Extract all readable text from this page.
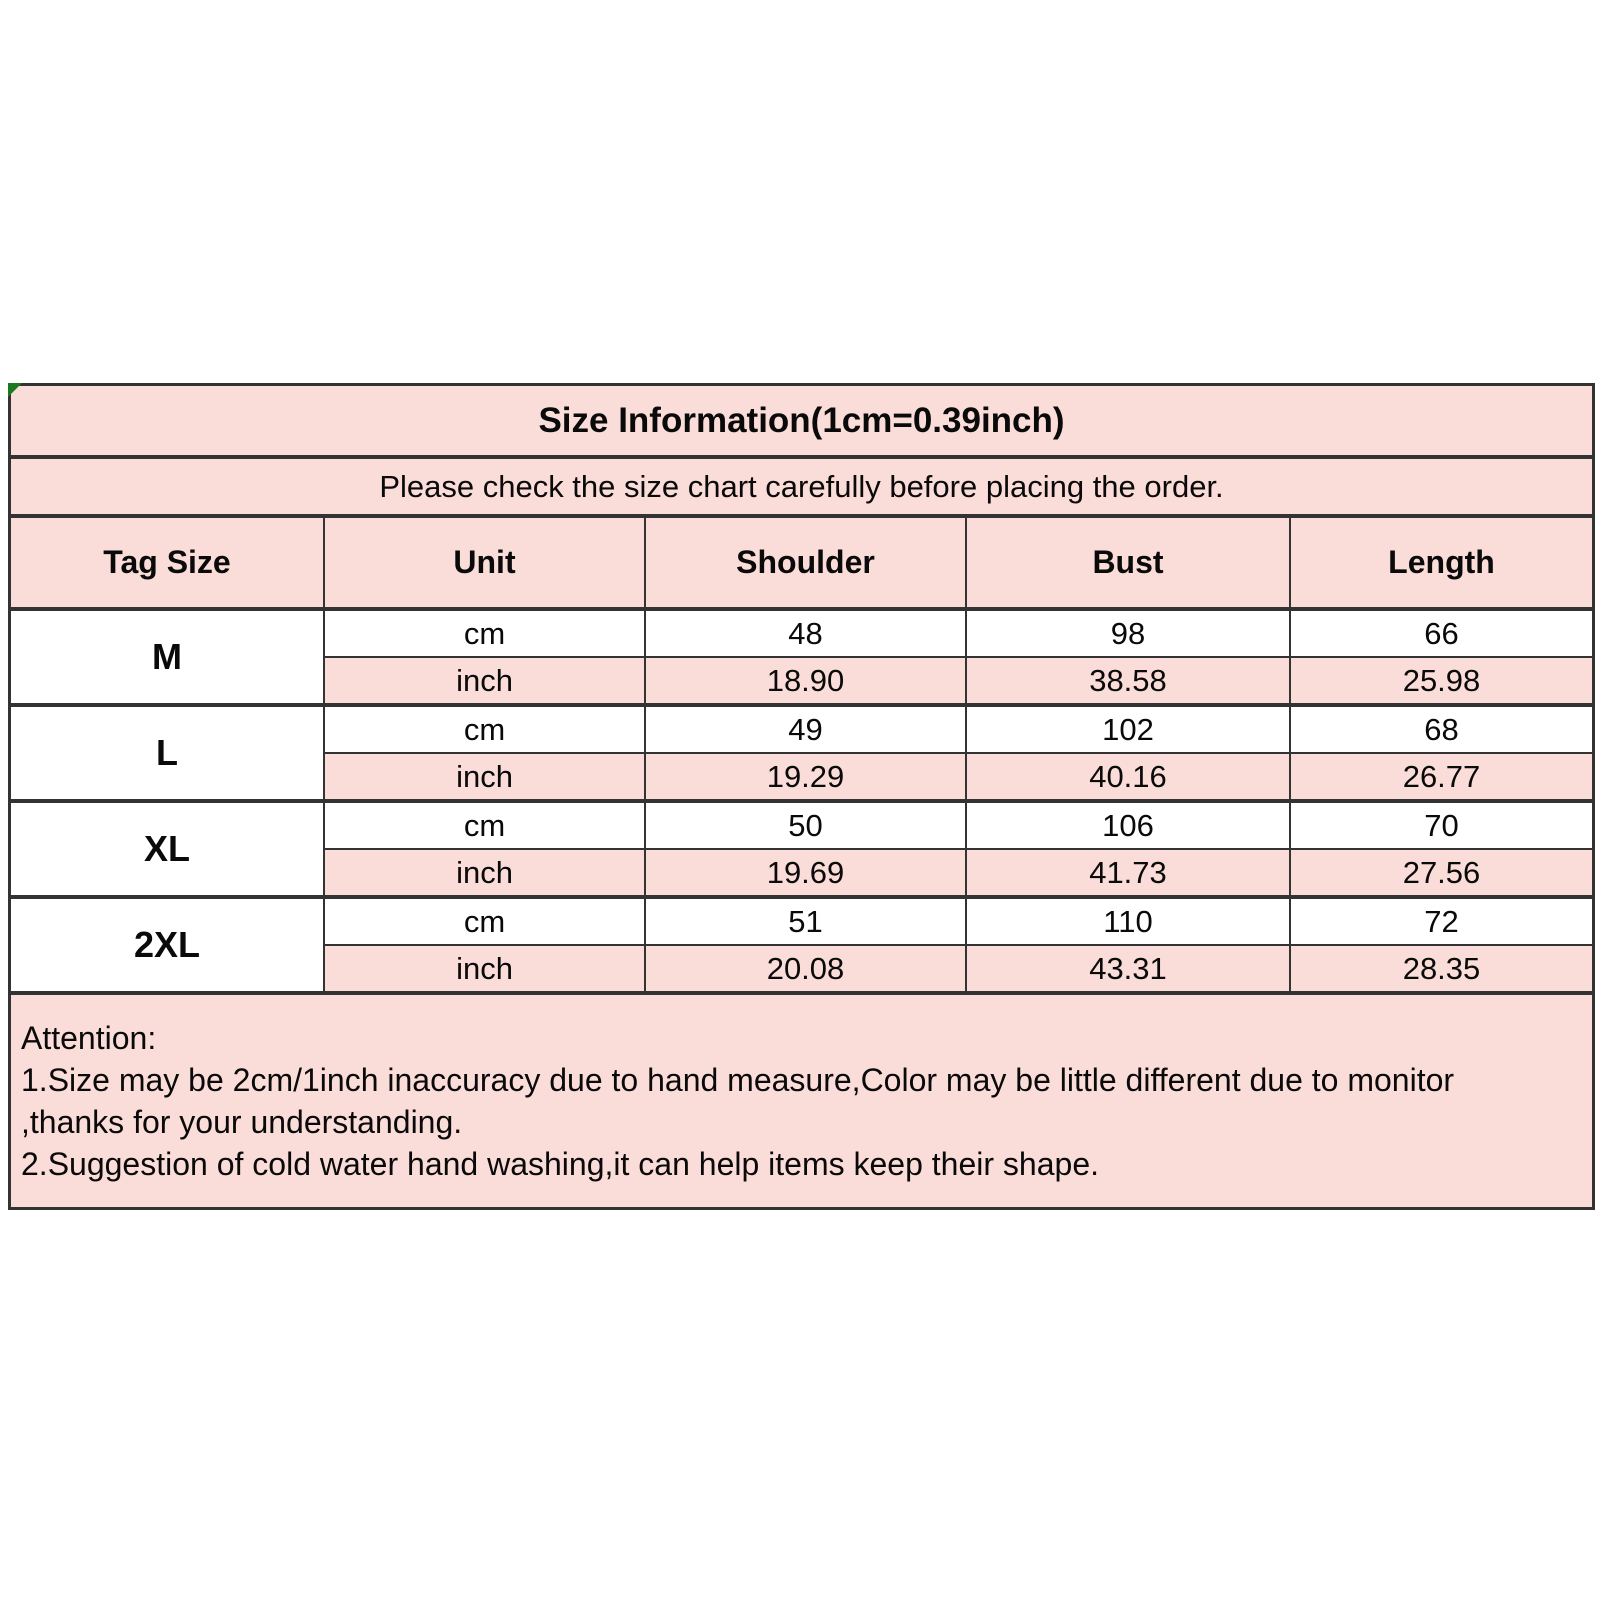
Size Information(1cm=0.39inch)
Please check the size chart carefully before placing the order.
Tag Size	Unit	Shoulder	Bust	Length
M
cm	48	98	66
inch	18.90	38.58	25.98
L
cm	49	102	68
inch	19.29	40.16	26.77
XL
cm	50	106	70
inch	19.69	41.73	27.56
2XL
cm	51	110	72
inch	20.08	43.31	28.35
Attention:
1.Size may be 2cm/1inch inaccuracy due to hand measure,Color may be little different due to monitor
,thanks for your understanding.
2.Suggestion of cold water hand washing,it can help items keep their shape.
